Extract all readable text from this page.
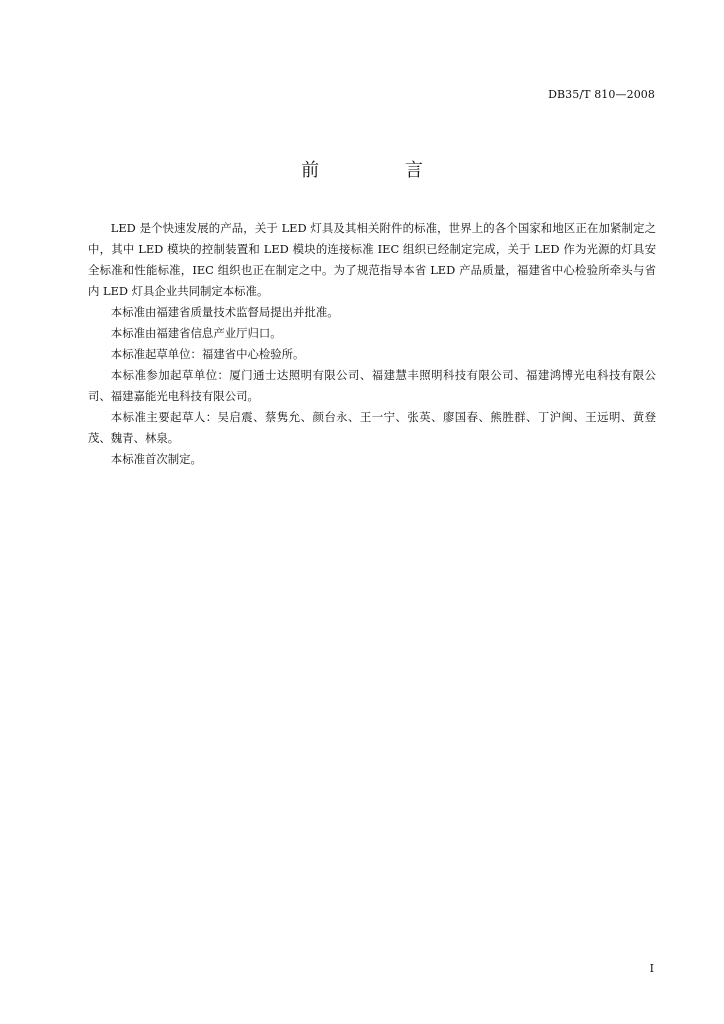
DB35/T 810—2008
前 言

LED 是个快速发展的产品，关于 LED 灯具及其相关附件的标准，世界上的各个国家和地区正在加紧制定之中，其中 LED 模块的控制装置和 LED 模块的连接标准 IEC 组织已经制定完成，关于 LED 作为光源的灯具安全标准和性能标准，IEC 组织也正在制定之中。为了规范指导本省 LED 产品质量，福建省中心检验所牵头与省内 LED 灯具企业共同制定本标准。

本标准由福建省质量技术监督局提出并批准。

本标准由福建省信息产业厅归口。

本标准起草单位：福建省中心检验所。

本标准参加起草单位：厦门通士达照明有限公司、福建慧丰照明科技有限公司、福建鸿博光电科技有限公司、福建嘉能光电科技有限公司。

本标准主要起草人：吴启震、蔡隽允、颜台永、王一宁、张英、廖国春、熊胜群、丁沪闽、王远明、黄登茂、魏青、林泉。

本标准首次制定。

I
